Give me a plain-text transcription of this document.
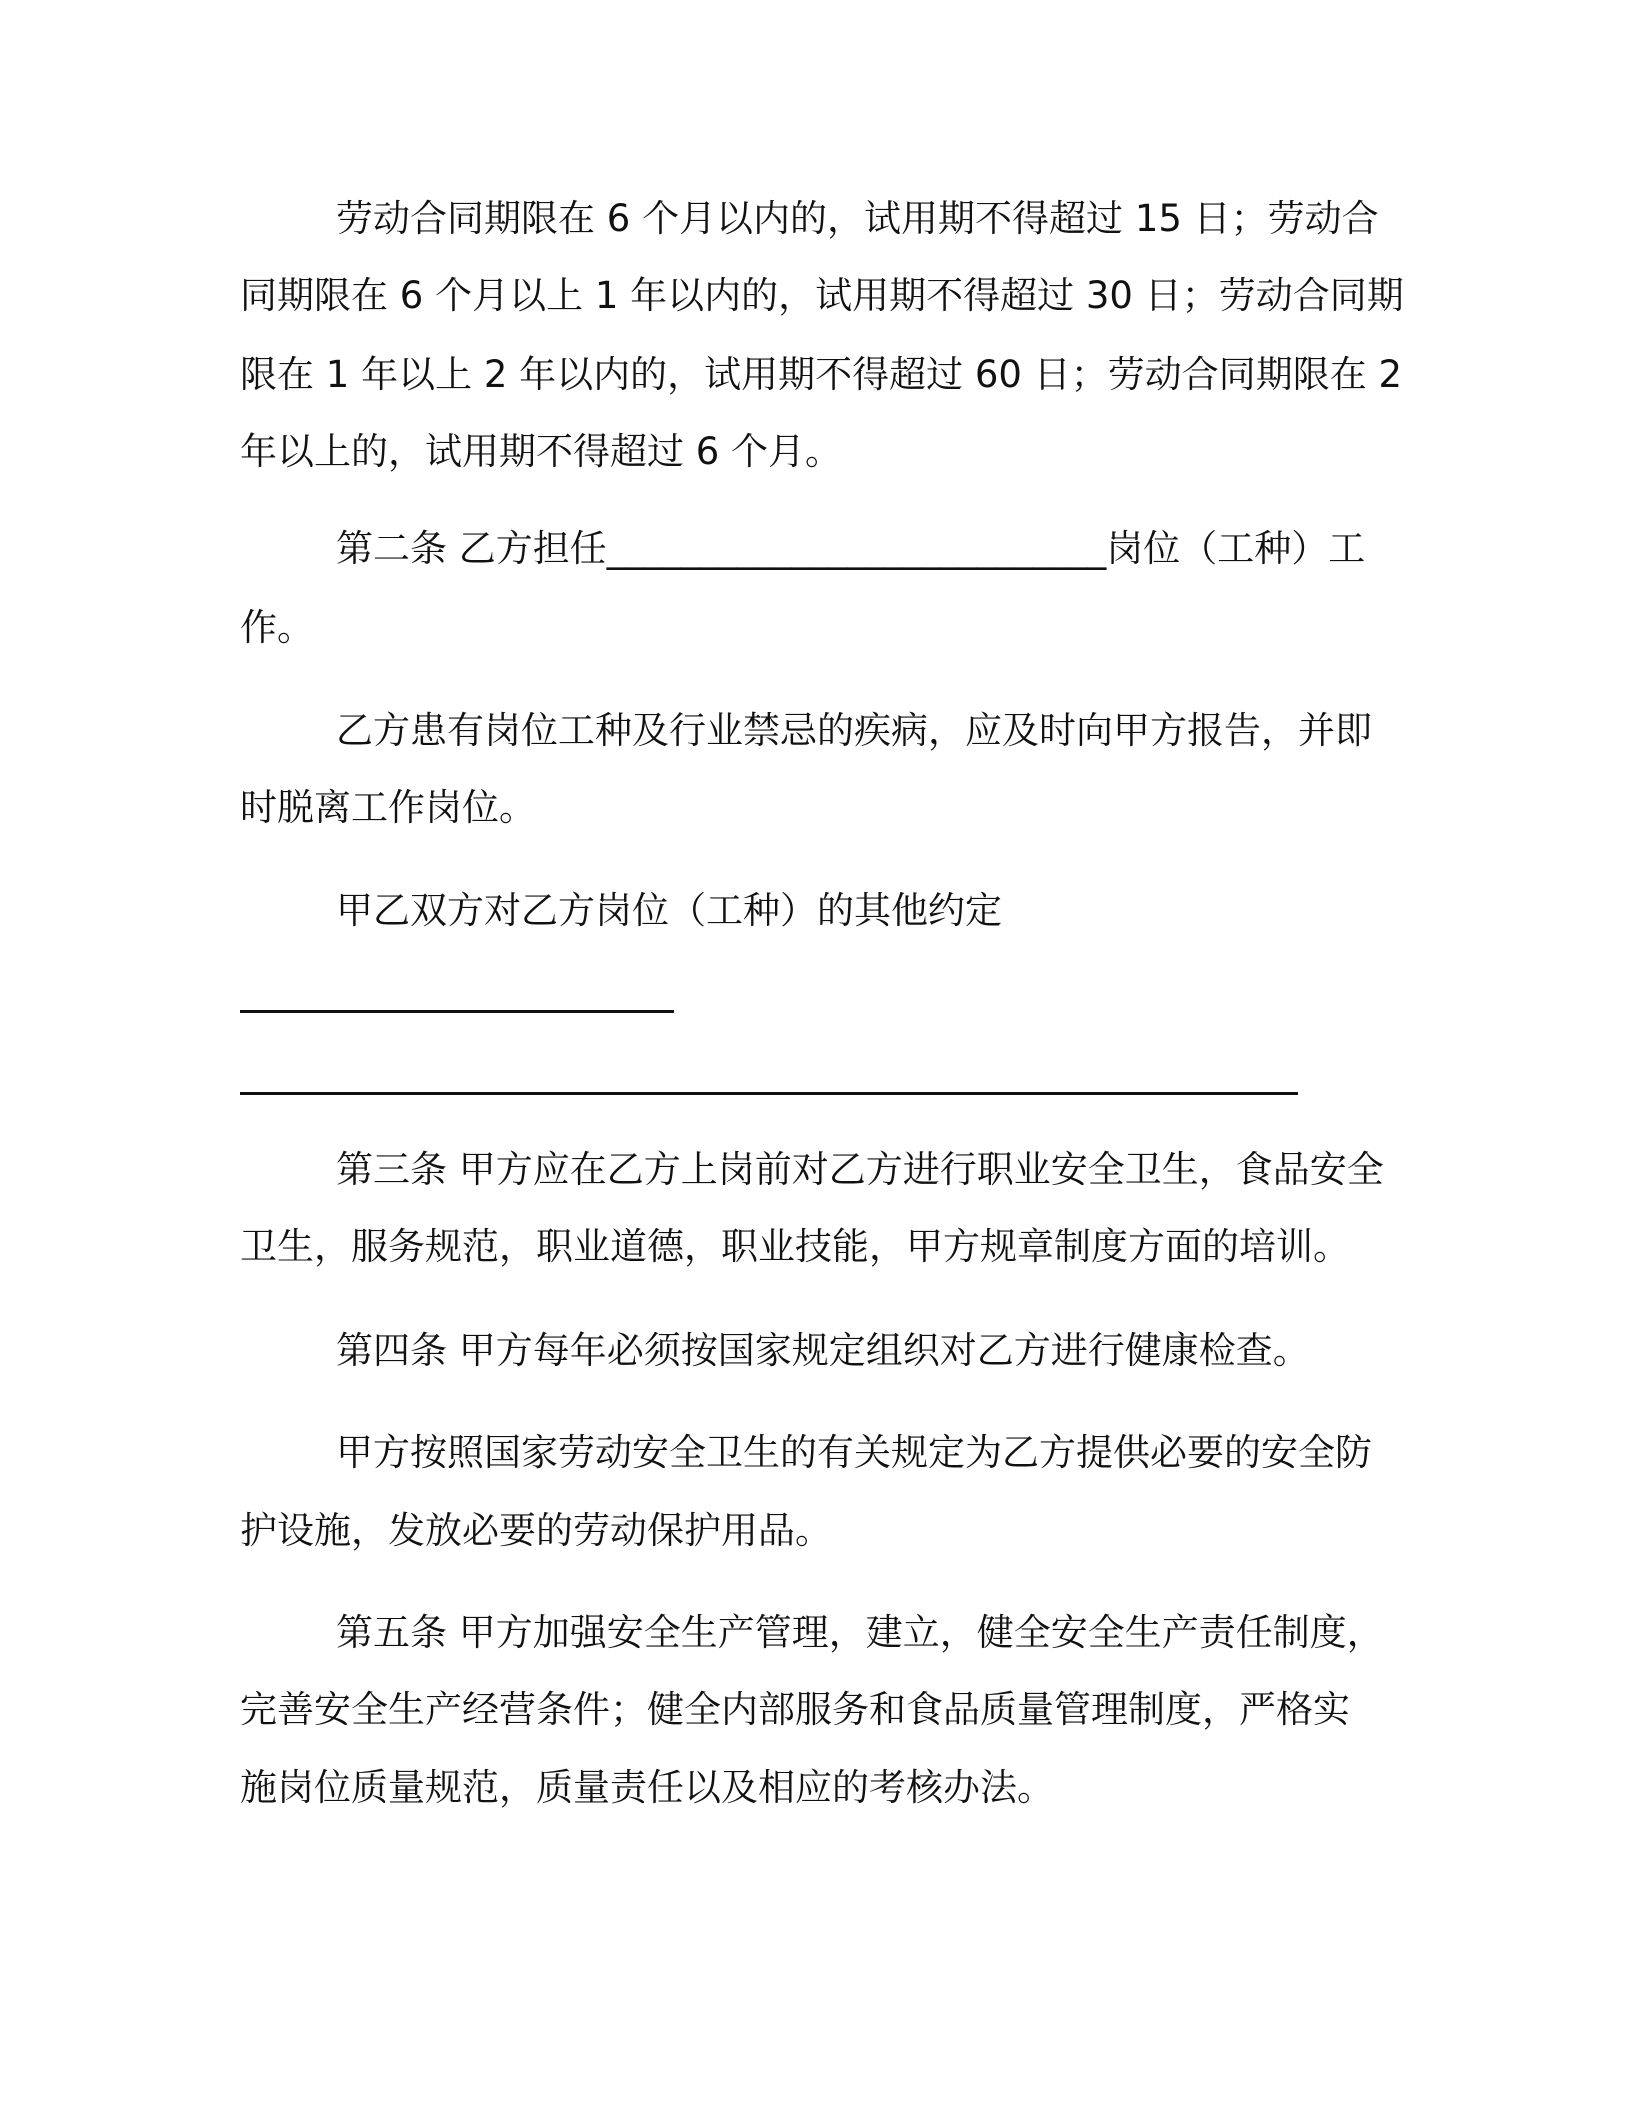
劳动合同期限在 6 个月以内的，试用期不得超过 15 日；劳动合
同期限在 6 个月以上 1 年以内的，试用期不得超过 30 日；劳动合同期
限在 1 年以上 2 年以内的，试用期不得超过 60 日；劳动合同期限在 2
年以上的，试用期不得超过 6 个月。
第二条 乙方担任___________________________岗位（工种）工
作。
乙方患有岗位工种及行业禁忌的疾病，应及时向甲方报告，并即
时脱离工作岗位。
甲乙双方对乙方岗位（工种）的其他约定
第三条 甲方应在乙方上岗前对乙方进行职业安全卫生，食品安全
卫生，服务规范，职业道德，职业技能，甲方规章制度方面的培训。
第四条 甲方每年必须按国家规定组织对乙方进行健康检查。
甲方按照国家劳动安全卫生的有关规定为乙方提供必要的安全防
护设施，发放必要的劳动保护用品。
第五条 甲方加强安全生产管理，建立，健全安全生产责任制度，
完善安全生产经营条件；健全内部服务和食品质量管理制度，严格实
施岗位质量规范，质量责任以及相应的考核办法。
